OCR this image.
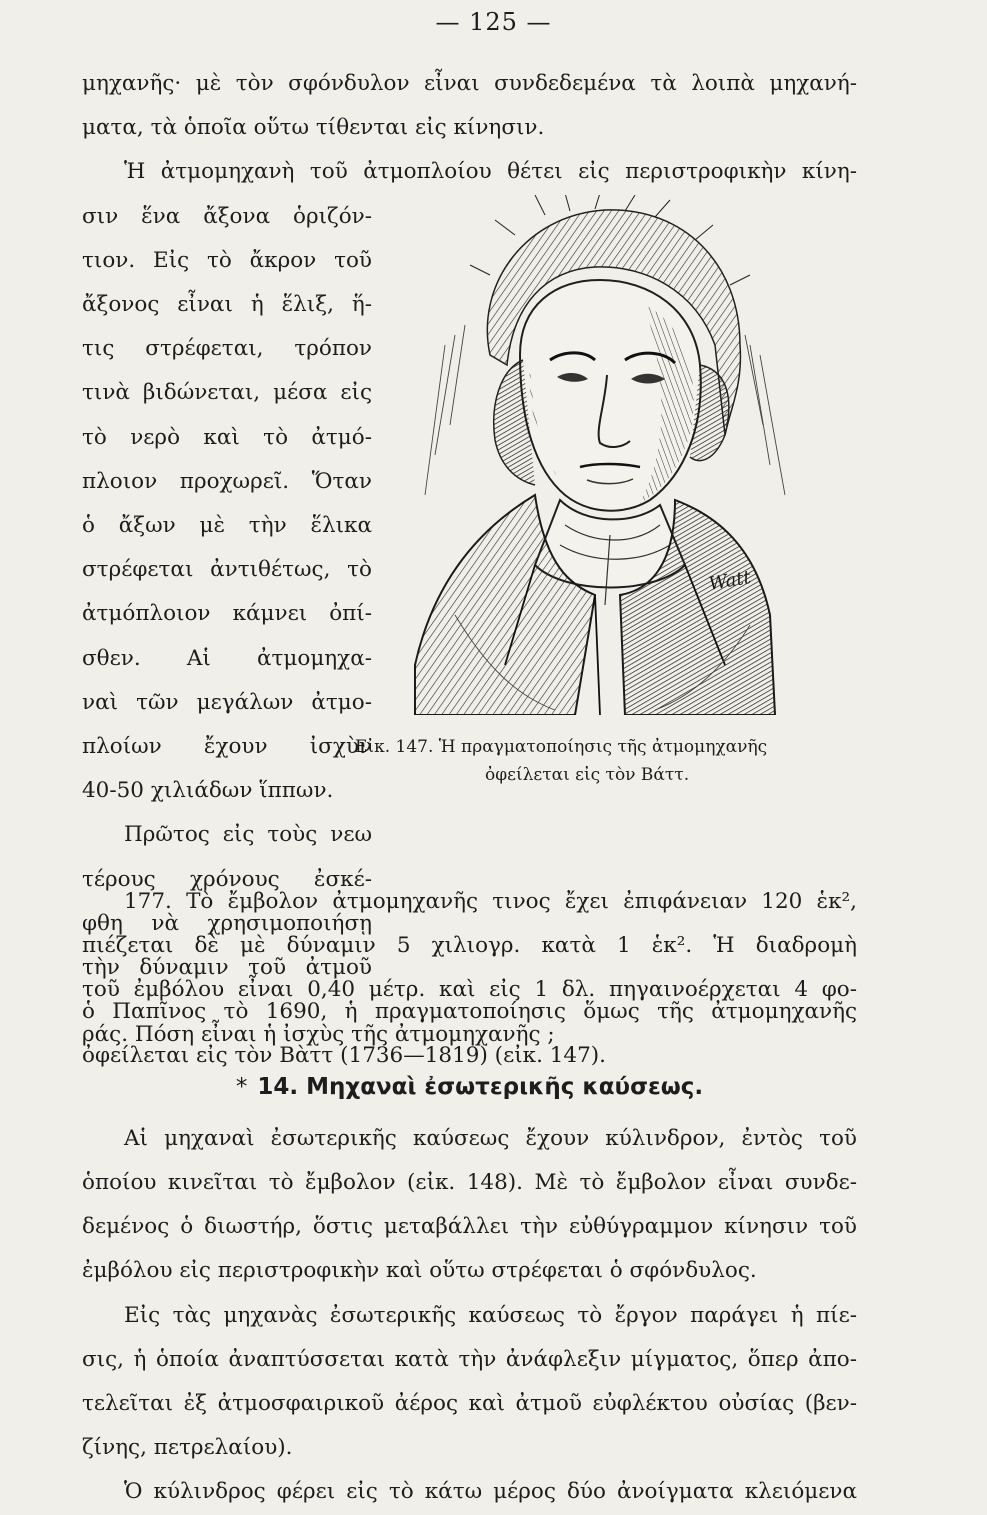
— 125 —
μηχανῆς· μὲ τὸν σφόνδυλον εἶναι συνδεδεμένα τὰ λοιπὰ μηχανή-
ματα, τὰ ὁποῖα οὕτω τίθενται εἰς κίνησιν.
Ἡ ἀτμομηχανὴ τοῦ ἀτμοπλοίου θέτει εἰς περιστροφικὴν κίνη-
σιν ἕνα ἄξονα ὁριζόν-
τιον. Εἰς τὸ ἄκρον τοῦ
ἄξονος εἶναι ἡ ἕλιξ, ἥ-
τις στρέφεται, τρόπον
τινὰ βιδώνεται, μέσα εἰς
τὸ νερὸ καὶ τὸ ἀτμό-
πλοιον προχωρεῖ. Ὅταν
ὁ ἄξων μὲ τὴν ἕλικα
στρέφεται ἀντιθέτως, τὸ
ἀτμόπλοιον κάμνει ὀπί-
σθεν. Αἱ ἀτμομηχα-
ναὶ τῶν μεγάλων ἀτμο-
πλοίων ἔχουν ἰσχὺν
40-50 χιλιάδων ἵππων.
Πρῶτος εἰς τοὺς νεω
τέρους χρόνους ἐσκέ-
φθη νὰ χρησιμοποιήσῃ
τὴν δύναμιν τοῦ ἀτμοῦ
ὁ Παπῖνος τὸ 1690, ἡ πραγματοποίησις ὅμως τῆς ἀτμομηχανῆς
ὀφείλεται εἰς τὸν Βὰττ (1736—1819) (εἰκ. 147).
Watt
Εἰκ. 147. Ἡ πραγματοποίησις τῆς ἀτμομηχανῆς
ὀφείλεται εἰς τὸν Βάττ.
177. Τὸ ἔμβολον ἀτμομηχανῆς τινος ἔχει ἐπιφάνειαν 120 ἑκ²,
πιέζεται δὲ μὲ δύναμιν 5 χιλιογρ. κατὰ 1 ἑκ². Ἡ διαδρομὴ
τοῦ ἐμβόλου εἶναι 0,40 μέτρ. καὶ εἰς 1 δλ. πηγαινοέρχεται 4 φο-
ράς. Πόση εἶναι ἡ ἰσχὺς τῆς ἀτμομηχανῆς ;
* 14. Μηχαναὶ ἐσωτερικῆς καύσεως.
Αἱ μηχαναὶ ἐσωτερικῆς καύσεως ἔχουν κύλινδρον, ἐντὸς τοῦ
ὁποίου κινεῖται τὸ ἔμβολον (εἰκ. 148). Μὲ τὸ ἔμβολον εἶναι συνδε-
δεμένος ὁ διωστήρ, ὅστις μεταβάλλει τὴν εὐθύγραμμον κίνησιν τοῦ
ἐμβόλου εἰς περιστροφικὴν καὶ οὕτω στρέφεται ὁ σφόνδυλος.
Εἰς τὰς μηχανὰς ἐσωτερικῆς καύσεως τὸ ἔργον παράγει ἡ πίε-
σις, ἡ ὁποία ἀναπτύσσεται κατὰ τὴν ἀνάφλεξιν μίγματος, ὅπερ ἀπο-
τελεῖται ἐξ ἀτμοσφαιρικοῦ ἀέρος καὶ ἀτμοῦ εὐφλέκτου οὐσίας (βεν-
ζίνης, πετρελαίου).
Ὁ κύλινδρος φέρει εἰς τὸ κάτω μέρος δύο ἀνοίγματα κλειόμενα
